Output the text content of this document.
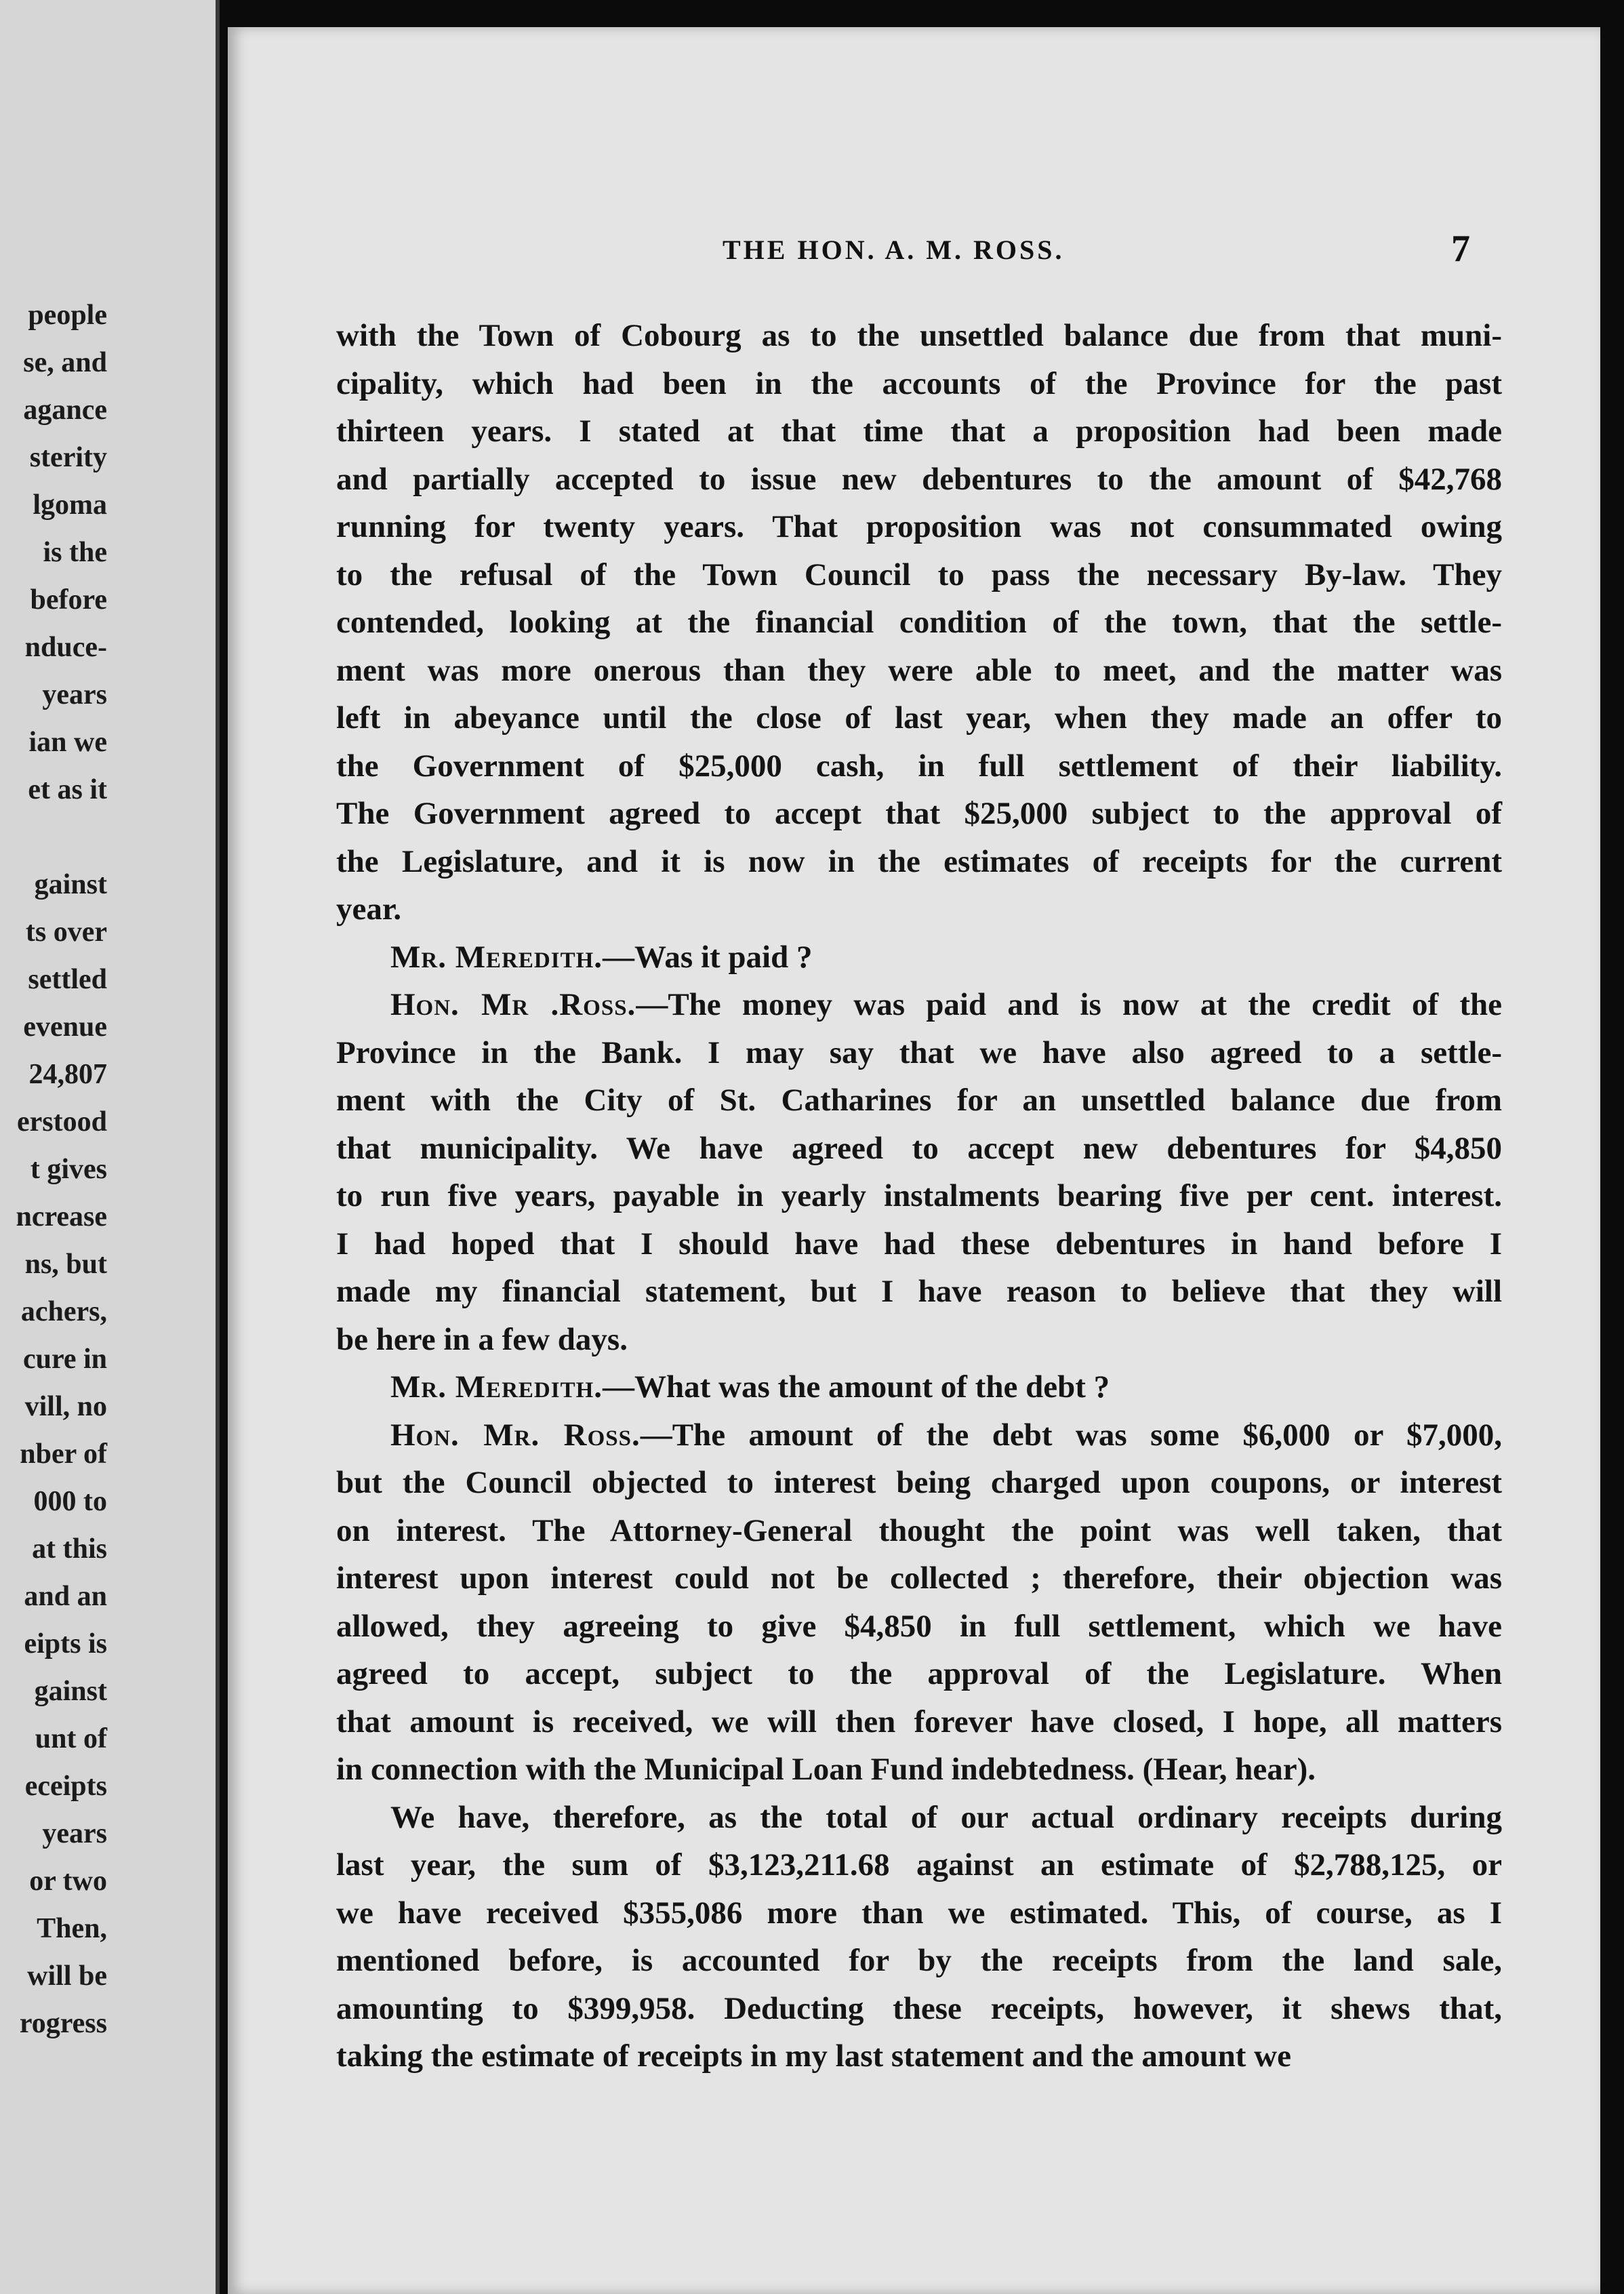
people
se, and
agance
sterity
lgoma
is the
before
nduce-
years
ian we
et as it
gainst
ts over
settled
evenue
24,807
erstood
t gives
ncrease
ns, but
achers,
cure in
vill, no
nber of
000 to
at this
and an
eipts is
gainst
unt of
eceipts
years
or two
Then,
will be
rogress
THE HON. A. M. ROSS.	7

with the Town of Cobourg as to the unsettled balance due from that muni-

cipality, which had been in the accounts of the Province for the past

thirteen years. I stated at that time that a proposition had been made

and partially accepted to issue new debentures to the amount of $42,768

running for twenty years. That proposition was not consummated owing

to the refusal of the Town Council to pass the necessary By-law. They

contended, looking at the financial condition of the town, that the settle-

ment was more onerous than they were able to meet, and the matter was

left in abeyance until the close of last year, when they made an offer to

the Government of $25,000 cash, in full settlement of their liability.

The Government agreed to accept that $25,000 subject to the approval of

the Legislature, and it is now in the estimates of receipts for the current

year.

Mr. Meredith.—Was it paid ?

Hon. Mr .Ross.—The money was paid and is now at the credit of the

Province in the Bank. I may say that we have also agreed to a settle-

ment with the City of St. Catharines for an unsettled balance due from

that municipality. We have agreed to accept new debentures for $4,850

to run five years, payable in yearly instalments bearing five per cent. interest.

I had hoped that I should have had these debentures in hand before I

made my financial statement, but I have reason to believe that they will

be here in a few days.

Mr. Meredith.—What was the amount of the debt ?

Hon. Mr. Ross.—The amount of the debt was some $6,000 or $7,000,

but the Council objected to interest being charged upon coupons, or interest

on interest. The Attorney-General thought the point was well taken, that

interest upon interest could not be collected ; therefore, their objection was

allowed, they agreeing to give $4,850 in full settlement, which we have

agreed to accept, subject to the approval of the Legislature. When

that amount is received, we will then forever have closed, I hope, all matters

in connection with the Municipal Loan Fund indebtedness. (Hear, hear).

We have, therefore, as the total of our actual ordinary receipts during

last year, the sum of $3,123,211.68 against an estimate of $2,788,125, or

we have received $355,086 more than we estimated. This, of course, as I

mentioned before, is accounted for by the receipts from the land sale,

amounting to $399,958. Deducting these receipts, however, it shews that,

taking the estimate of receipts in my last statement and the amount we
